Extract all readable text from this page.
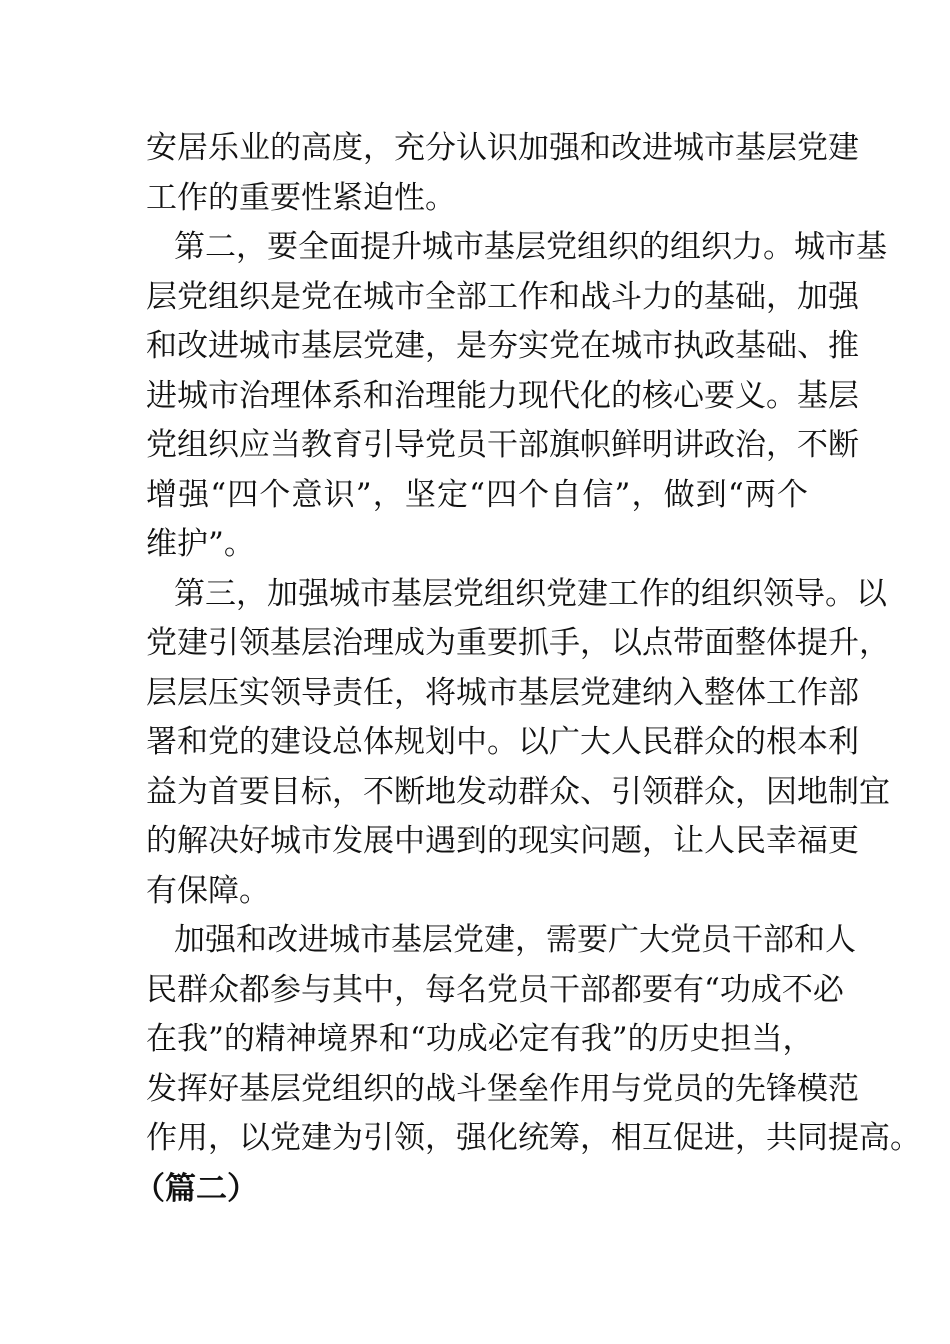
安居乐业的高度，充分认识加强和改进城市基层党建
工作的重要性紧迫性。
第二，要全面提升城市基层党组织的组织力。城市基
层党组织是党在城市全部工作和战斗力的基础，加强
和改进城市基层党建，是夯实党在城市执政基础、推
进城市治理体系和治理能力现代化的核心要义。基层
党组织应当教育引导党员干部旗帜鲜明讲政治，不断
增强“四个意识”，坚定“四个自信”，做到“两个
维护”。
第三，加强城市基层党组织党建工作的组织领导。以
党建引领基层治理成为重要抓手，以点带面整体提升，
层层压实领导责任，将城市基层党建纳入整体工作部
署和党的建设总体规划中。以广大人民群众的根本利
益为首要目标，不断地发动群众、引领群众，因地制宜
的解决好城市发展中遇到的现实问题，让人民幸福更
有保障。
加强和改进城市基层党建，需要广大党员干部和人
民群众都参与其中，每名党员干部都要有“功成不必
在我”的精神境界和“功成必定有我”的历史担当，
发挥好基层党组织的战斗堡垒作用与党员的先锋模范
作用，以党建为引领，强化统筹，相互促进，共同提高。
（篇二）
